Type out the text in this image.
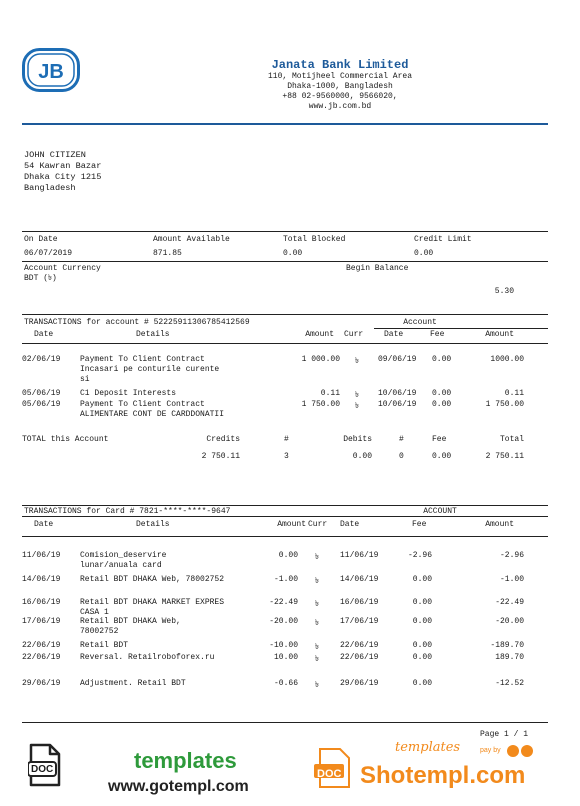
JB	Janata Bank Limited
110, Motijheel Commercial Area
Dhaka-1000, Bangladesh
+88 02-9560000, 9566020,
www.jb.com.bd
JOHN CITIZEN
54 Kawran Bazar
Dhaka City 1215
Bangladesh
On Date	Amount Available	Total Blocked	Credit Limit
06/07/2019	871.85	0.00	0.00
Account Currency
BDT (৳)
Begin Balance
5.30
TRANSACTIONS for account # 52225911306785412569	Account
Date	Details	Amount Curr	Date	Fee	Amount
02/06/19 Payment To Client Contract
Incasari pe conturile curente
si
1 000.00 ৳ 09/06/19 0.00	1000.00
05/06/19 C1 Deposit Interests	0.11 ৳ 10/06/19 0.00	0.11
05/06/19 Payment To Client Contract
ALIMENTARE CONT DE CARDDONATII
1 750.00 ৳ 10/06/19 0.00	1 750.00
TOTAL this Account	Credits	#	Debits	#	Fee	Total
2 750.11	3	0.00	0	0.00	2 750.11
TRANSACTIONS for Card # 7821-****-****-9647	ACCOUNT
Date	Details	Amount Curr Date	Fee	Amount
11/06/19 Comision_deservire
lunar/anuala card
0.00 ৳	11/06/19	-2.96	-2.96
14/06/19 Retail BDT DHAKA Web, 78002752	-1.00 ৳	14/06/19	0.00	-1.00
16/06/19 Retail BDT DHAKA MARKET EXPRES
CASA 1
-22.49 ৳	16/06/19	0.00	-22.49
17/06/19 Retail BDT DHAKA Web,
78002752
-20.00 ৳	17/06/19	0.00	-20.00
22/06/19 Retail BDT	-10.00 ৳	22/06/19	0.00	-189.70
22/06/19 Reversal. Retailroboforex.ru	10.00 ৳	22/06/19	0.00	189.70
29/06/19 Adjustment. Retail BDT	-0.66 ৳	29/06/19	0.00	-12.52
Page 1 / 1
DOC	templates
www.gotempl.com
DOC
templates	pay by
Shotempl.com
